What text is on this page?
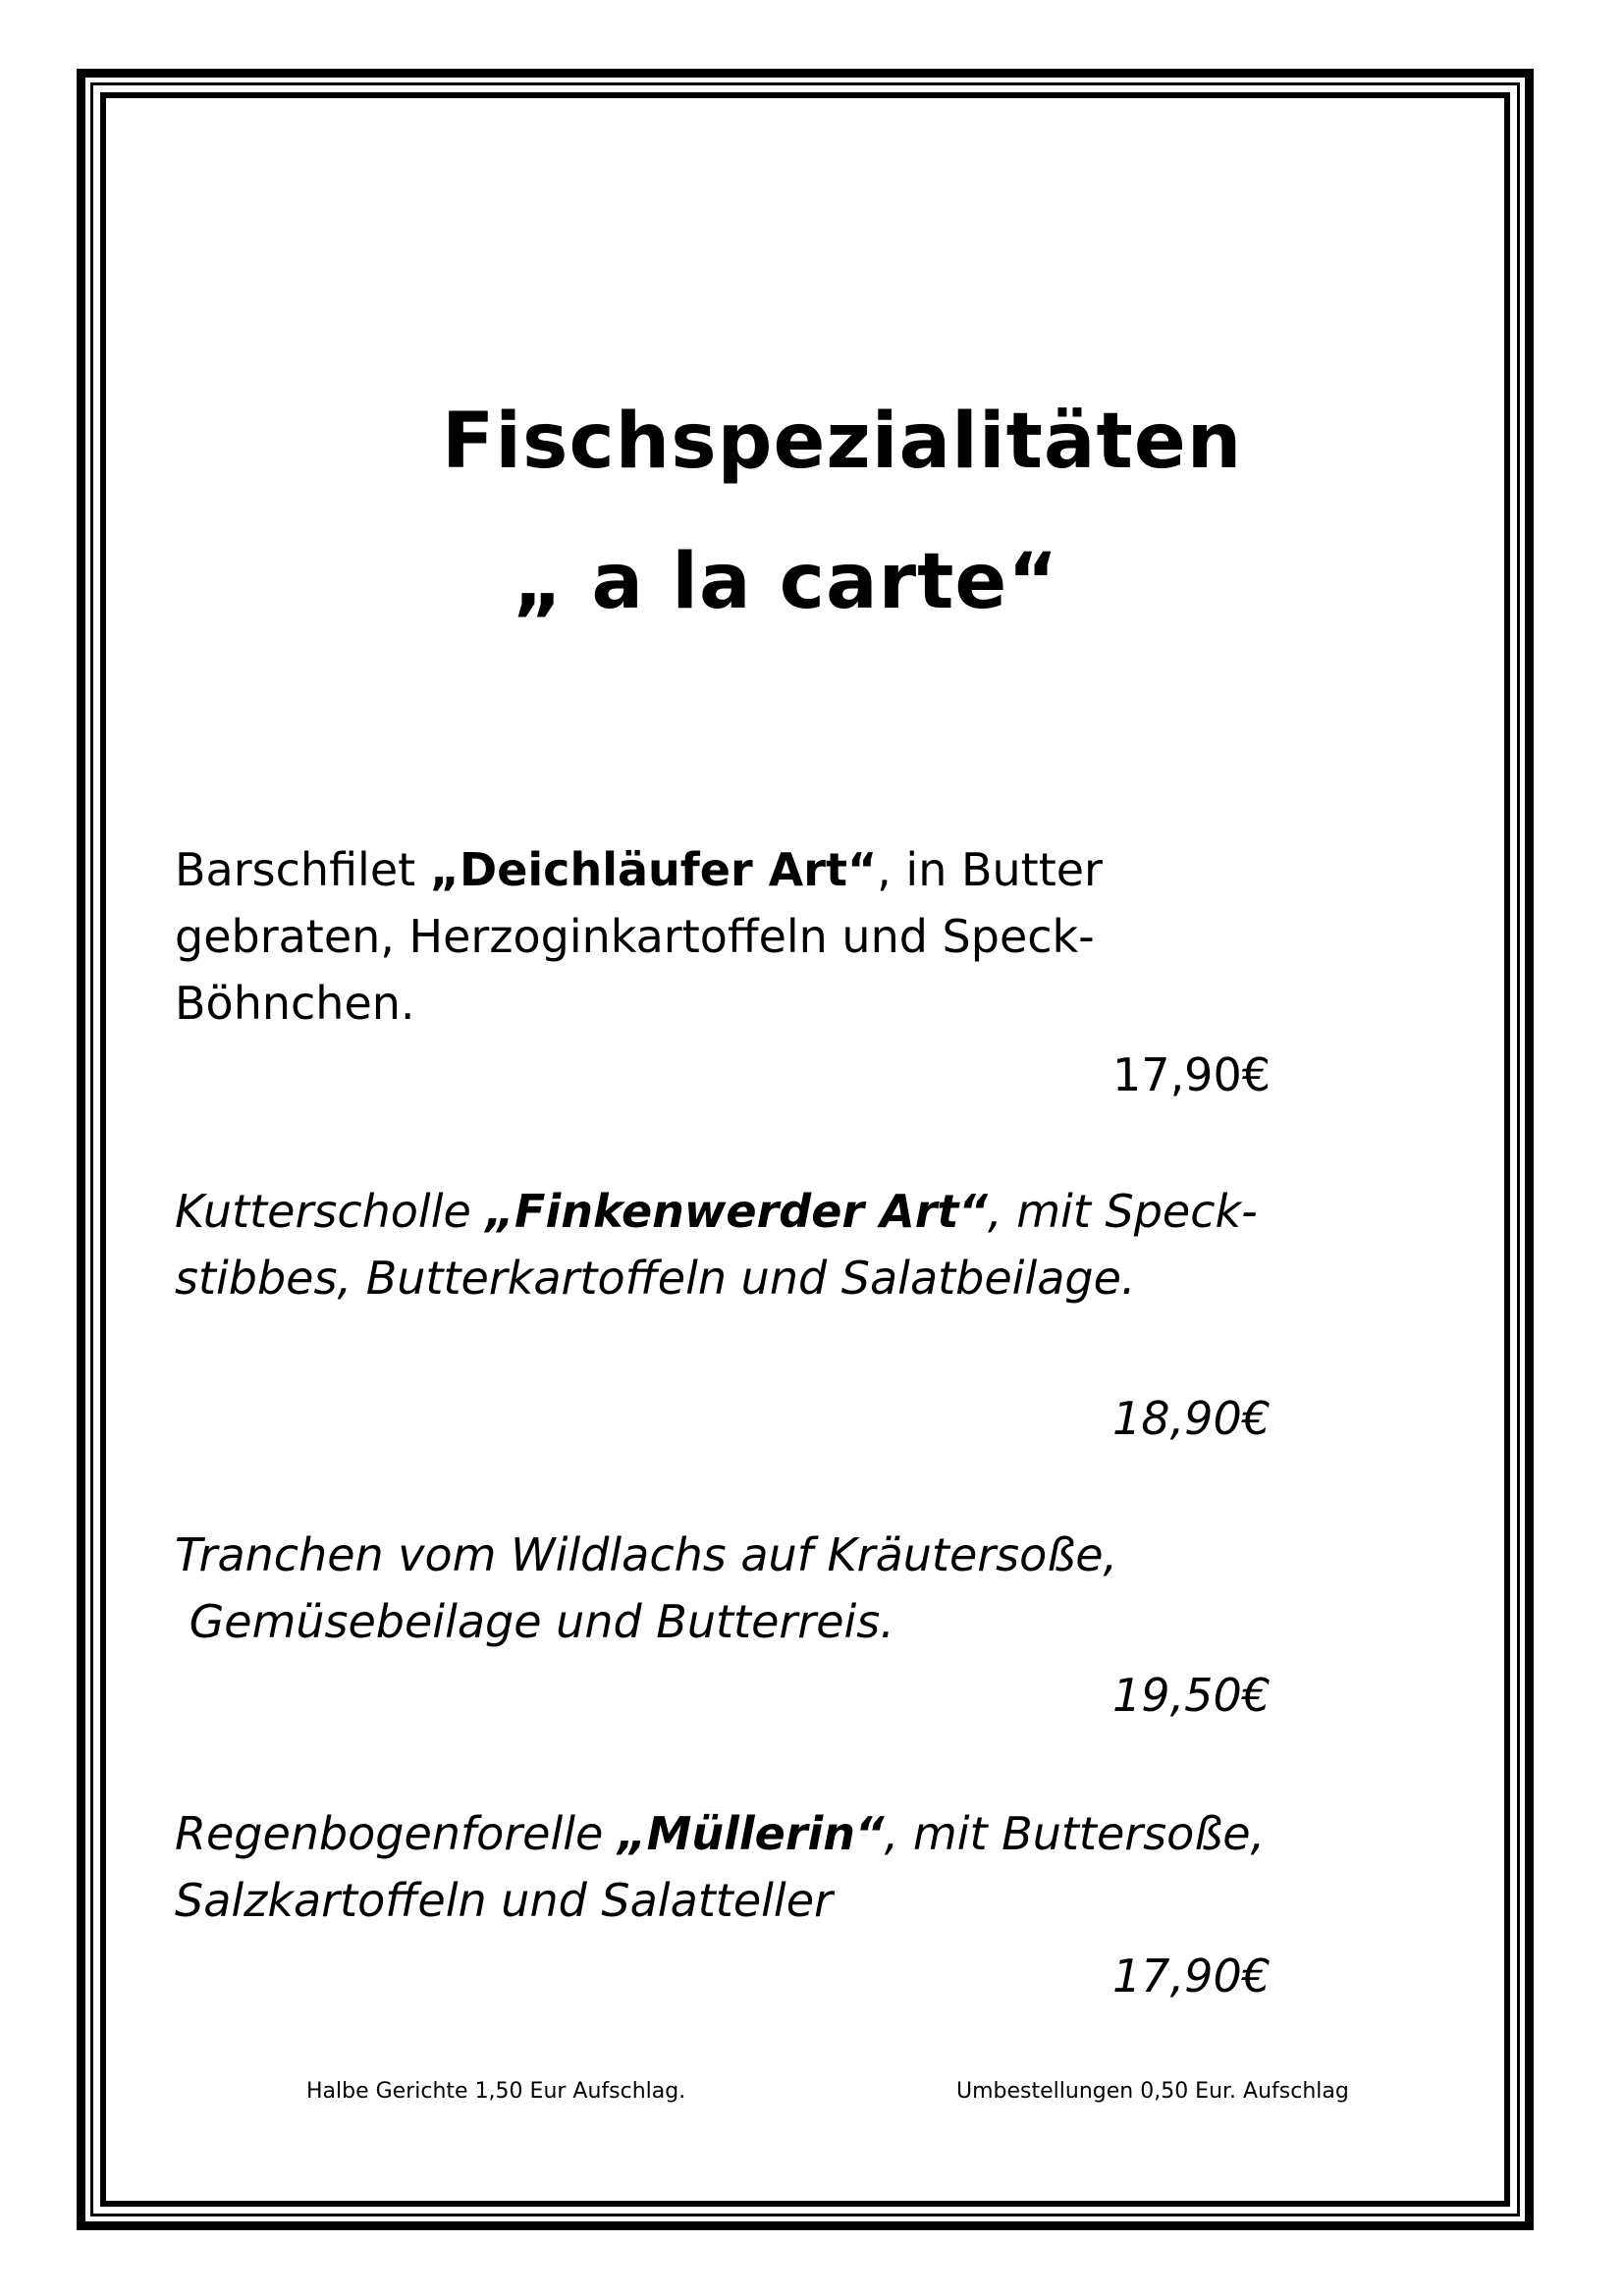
Fischspezialitäten
„ a la carte“
Barschfilet „Deichläufer Art“, in Butter
gebraten, Herzoginkartoffeln und Speck-
Böhnchen.
17,90€
Kutterscholle „Finkenwerder Art“, mit Speck-
stibbes, Butterkartoffeln und Salatbeilage.
18,90€
Tranchen vom Wildlachs auf Kräutersoße,
Gemüsebeilage und Butterreis.
19,50€
Regenbogenforelle „Müllerin“, mit Buttersoße,
Salzkartoffeln und Salatteller
17,90€
Halbe Gerichte 1,50 Eur Aufschlag.	Umbestellungen 0,50 Eur. Aufschlag
